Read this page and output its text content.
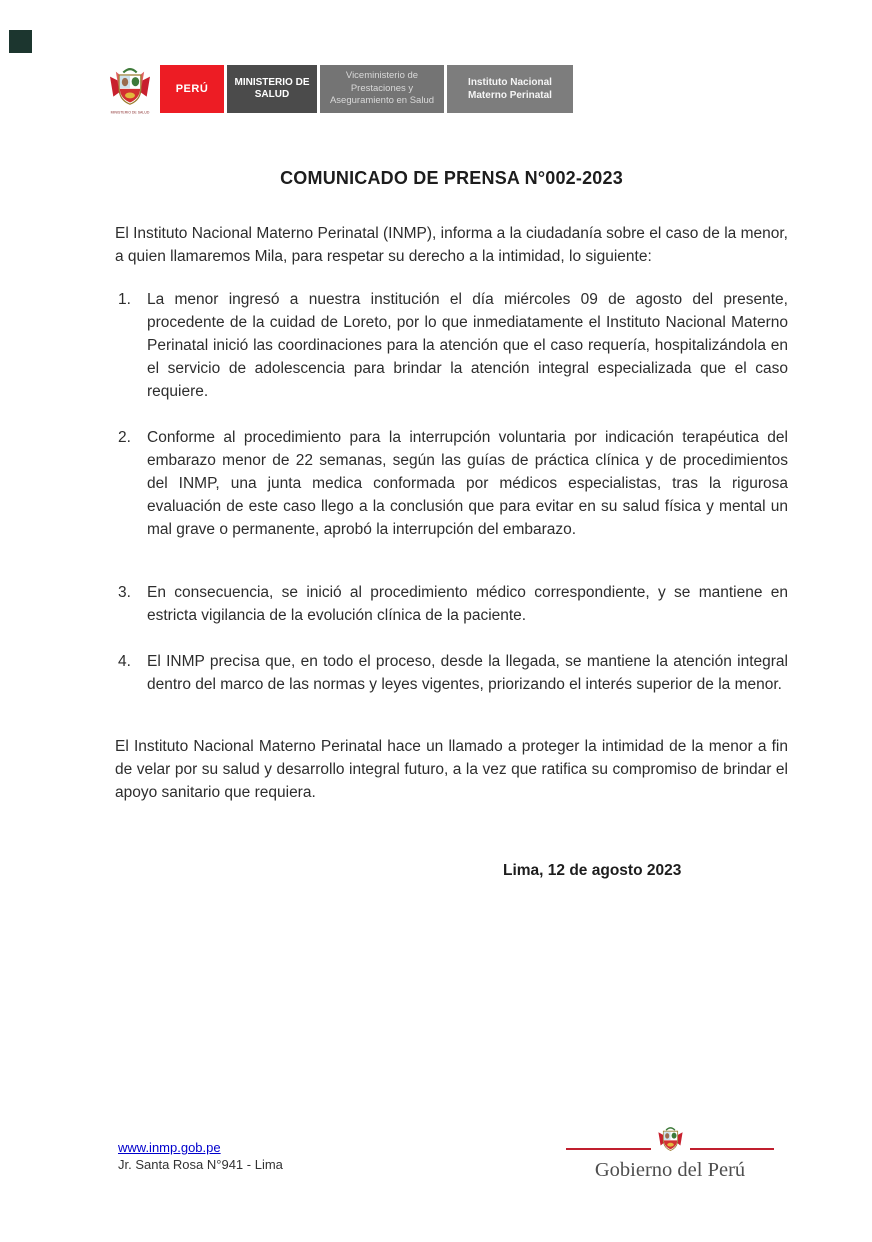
MINISTERIO DE SALUD
PERÚ
MINISTERIO DE SALUD
Viceministerio de Prestaciones y Aseguramiento en Salud
Instituto Nacional Materno Perinatal
COMUNICADO DE PRENSA N°002-2023

El Instituto Nacional Materno Perinatal (INMP), informa a la ciudadanía sobre el caso de la menor, a quien llamaremos Mila, para respetar su derecho a la intimidad, lo siguiente:

1.	La menor ingresó a nuestra institución el día miércoles 09 de agosto del presente, procedente de la cuidad de Loreto, por lo que inmediatamente el Instituto Nacional Materno Perinatal inició las coordinaciones para la atención que el caso requería, hospitalizándola en el servicio de adolescencia para brindar la atención integral especializada que el caso requiere.
2.	Conforme al procedimiento para la interrupción voluntaria por indicación terapéutica del embarazo menor de 22 semanas, según las guías de práctica clínica y de procedimientos del INMP, una junta medica conformada por médicos especialistas, tras la rigurosa evaluación de este caso llego a la conclusión que para evitar en su salud física y mental un mal grave o permanente, aprobó la interrupción del embarazo.
3.	En consecuencia, se inició al procedimiento médico correspondiente, y se mantiene en estricta vigilancia de la evolución clínica de la paciente.
4.	El INMP precisa que, en todo el proceso, desde la llegada, se mantiene la atención integral dentro del marco de las normas y leyes vigentes, priorizando el interés superior de la menor.

El Instituto Nacional Materno Perinatal hace un llamado a proteger la intimidad de la menor a fin de velar por su salud y desarrollo integral futuro, a la vez que ratifica su compromiso de brindar el apoyo sanitario que requiera.

Lima, 12 de agosto 2023
www.inmp.gob.pe
Jr. Santa Rosa N°941 - Lima	Gobierno del Perú
